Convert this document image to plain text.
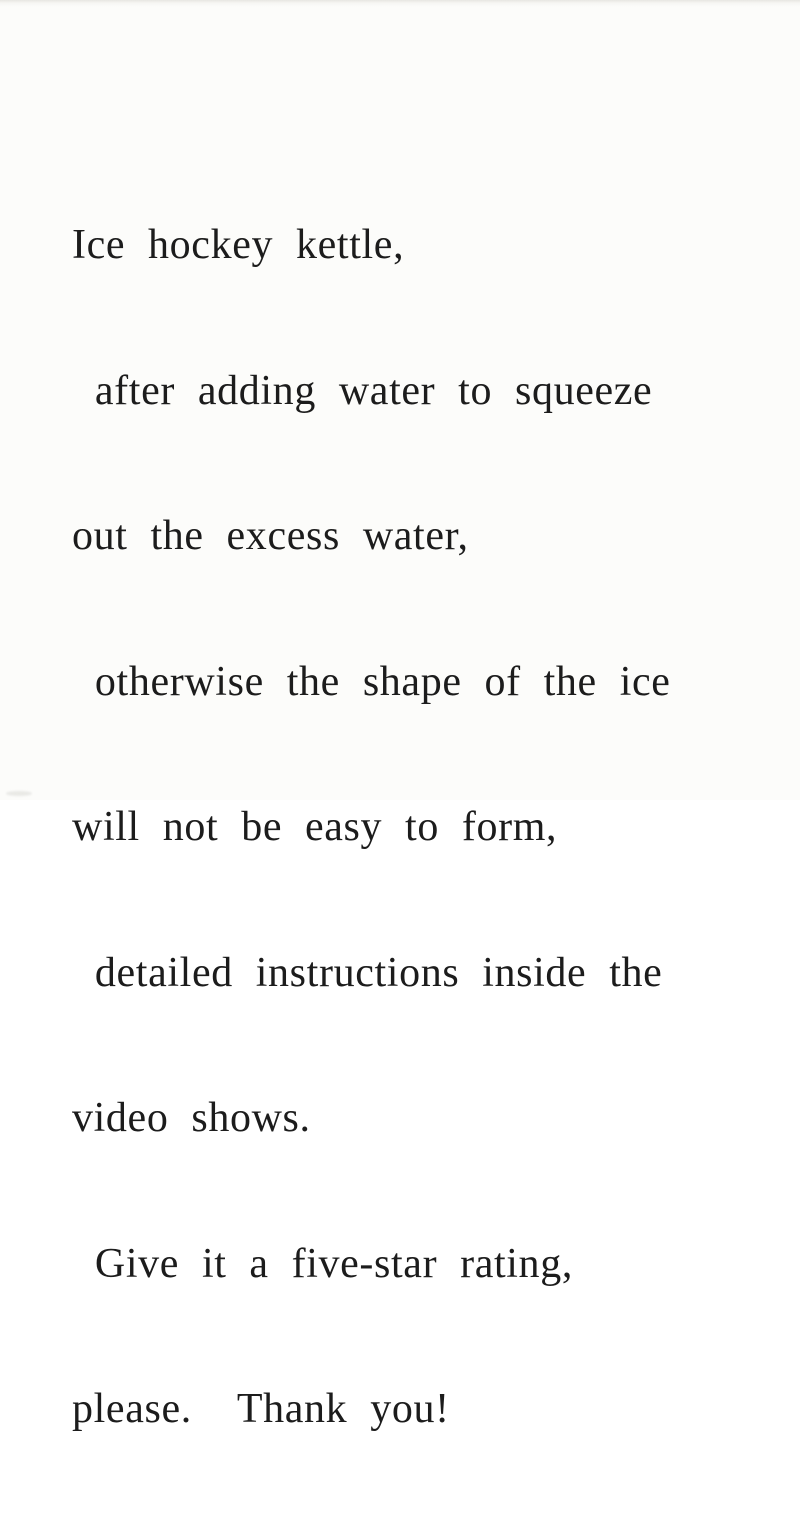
Ice hockey kettle,

after adding water to squeeze

out the excess water,

otherwise the shape of the ice

will not be easy to form,

detailed instructions inside the

video shows.

Give it a five-star rating,

please.  Thank you!
